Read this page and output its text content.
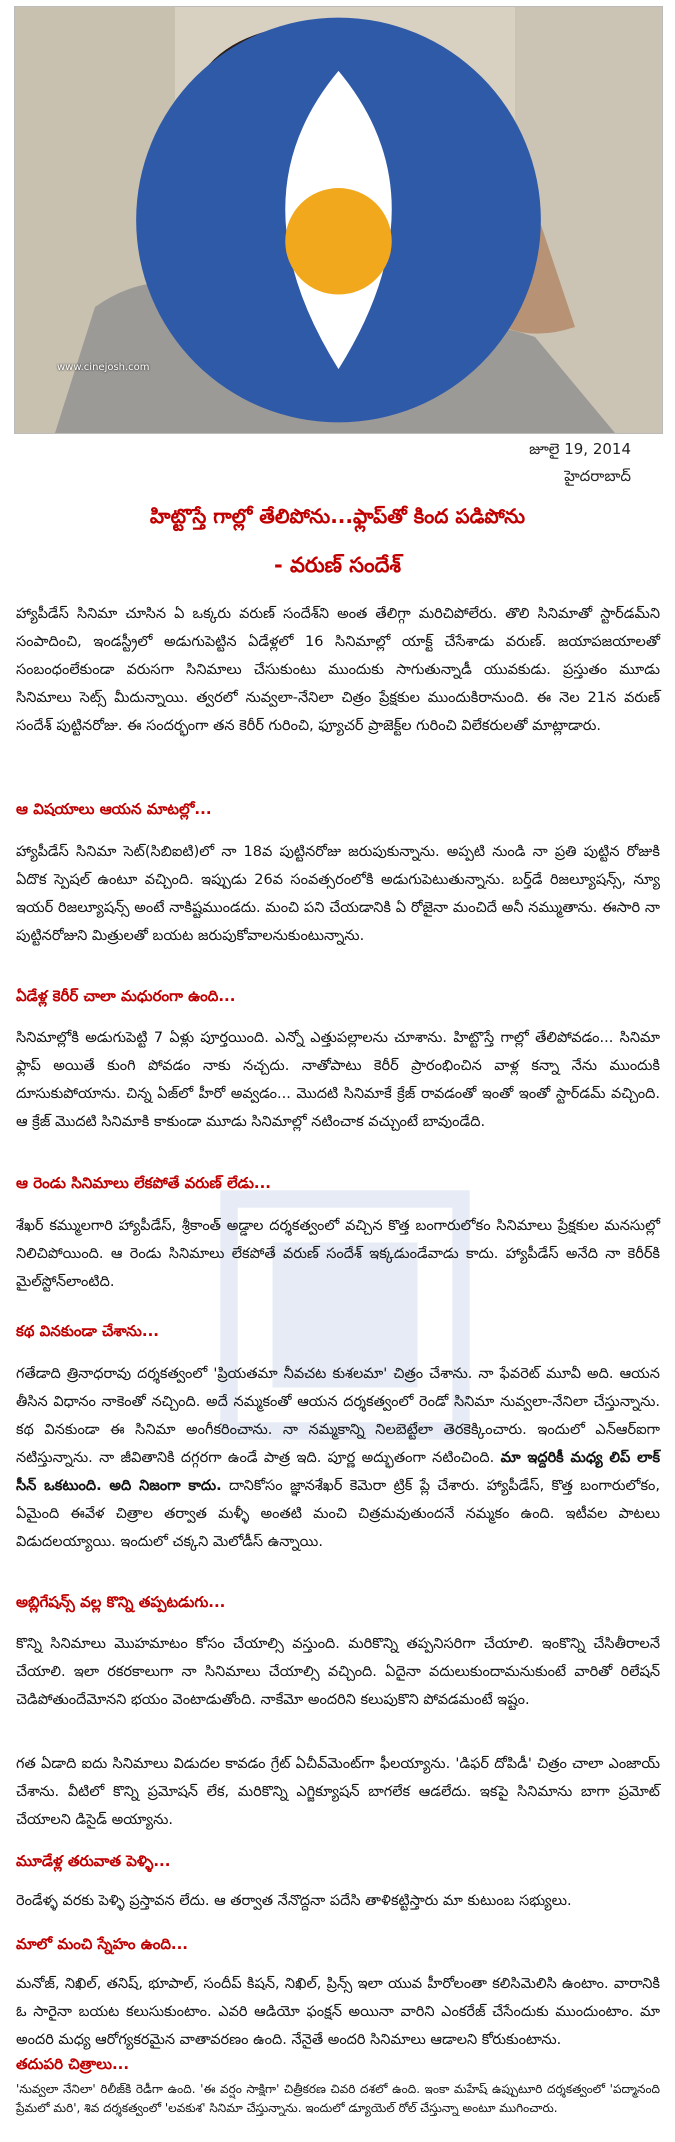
www.cinejosh.com
జూలై 19, 2014
హైదరాబాద్
హిట్టొస్తే గాల్లో తేలిపోను...ఫ్లాప్‌తో కింద పడిపోను
- వరుణ్ సందేశ్

హ్యాపీడేస్ సినిమా చూసిన ఏ ఒక్కరు వరుణ్ సందేశ్‌ని అంత తేలిగ్గా మరిచిపోలేరు. తొలి సినిమాతో స్టార్‌డమ్‌ని సంపాదించి, ఇండస్ట్రీలో అడుగుపెట్టిన ఏడేళ్లలో 16 సినిమాల్లో యాక్ట్ చేసేశాడు వరుణ్. జయాపజయాలతో సంబంధంలేకుండా వరుసగా సినిమాలు చేసుకుంటు ముందుకు సాగుతున్నాడీ యువకుడు. ప్రస్తుతం మూడు సినిమాలు సెట్స్ మీదున్నాయి. త్వరలో నువ్వలా-నేనిలా చిత్రం ప్రేక్షకుల ముందుకిరానుంది. ఈ నెల 21న వరుణ్ సందేశ్ పుట్టినరోజు. ఈ సందర్భంగా తన కెరీర్ గురించి, ఫ్యూచర్ ప్రాజెక్ట్‌ల గురించి విలేకరులతో మాట్లాడారు.

ఆ విషయాలు ఆయన మాటల్లో...

హ్యాపీడేస్ సినిమా సెట్(సిబిఐటి)లో నా 18వ పుట్టినరోజు జరుపుకున్నాను. అప్పటి నుండి నా ప్రతి పుట్టిన రోజుకి ఏదొక స్పెషల్ ఉంటూ వచ్చింది. ఇప్పుడు 26వ సంవత్సరంలోకి అడుగుపెటుతున్నాను. బర్త్‌డే రిజల్యూషన్స్, న్యూ ఇయర్ రిజల్యూషన్స్ అంటే నాకిష్టముండదు. మంచి పని చేయడానికి ఏ రోజైనా మంచిదే అనీ నమ్ముతాను. ఈసారి నా పుట్టినరోజుని మిత్రులతో బయట జరుపుకోవాలనుకుంటున్నాను.

ఏడేళ్ల కెరీర్ చాలా మధురంగా ఉంది...

సినిమాల్లోకి అడుగుపెట్టి 7 ఏళ్లు పూర్తయింది. ఎన్నో ఎత్తుపల్లాలను చూశాను. హిట్టొస్తే గాల్లో తేలిపోవడం... సినిమా ఫ్లాప్ అయితే కుంగి పోవడం నాకు నచ్చదు. నాతోపాటు కెరీర్ ప్రారంభించిన వాళ్ల కన్నా నేను ముందుకి దూసుకుపోయాను. చిన్న ఏజ్‌లో హీరో అవ్వడం... మొదటి సినిమాకే క్రేజ్ రావడంతో ఇంతో ఇంతో స్టార్‌డమ్ వచ్చింది. ఆ క్రేజ్ మొదటి సినిమాకి కాకుండా మూడు సినిమాల్లో నటించాక వచ్చుంటే బావుండేది.

ఆ రెండు సినిమాలు లేకపోతే వరుణ్ లేడు...

శేఖర్ కమ్ములగారి హ్యాపీడేస్, శ్రీకాంత్ అడ్డాల దర్శకత్వంలో వచ్చిన కొత్త బంగారులోకం సినిమాలు ప్రేక్షకుల మనసుల్లో నిలిచిపోయింది. ఆ రెండు సినిమాలు లేకపోతే వరుణ్ సందేశ్ ఇక్కడుండేవాడు కాదు. హ్యాపీడేస్ అనేది నా కెరీర్‌కి మైల్‌స్టోన్‌లాంటిది.

కథ వినకుండా చేశాను...

గతేడాది త్రినాధరావు దర్శకత్వంలో 'ప్రియతమా నీవచట కుశలమా' చిత్రం చేశాను. నా ఫేవరెట్ మూవీ అది. ఆయన తీసిన విధానం నాకెంతో నచ్చింది. అదే నమ్మకంతో ఆయన దర్శకత్వంలో రెండో సినిమా నువ్వలా-నేనిలా చేస్తున్నాను. కథ వినకుండా ఈ సినిమా అంగీకరించాను. నా నమ్మకాన్ని నిలబెట్టేలా తెరకెక్కించారు. ఇందులో ఎన్ఆర్ఐగా నటిస్తున్నాను. నా జీవితానికి దగ్గరగా ఉండే పాత్ర ఇది. పూర్ణ అద్భుతంగా నటించింది. మా ఇద్దరికీ మధ్య లిప్ లాక్ సీన్ ఒకటుంది. అది నిజంగా కాదు. దానికోసం జ్ఞానశేఖర్ కెమెరా ట్రిక్ ప్లే చేశారు. హ్యాపీడేస్, కొత్త బంగారులోకం, ఏమైంది ఈవేళ చిత్రాల తర్వాత మళ్ళీ అంతటి మంచి చిత్రమవుతుందనే నమ్మకం ఉంది. ఇటీవల పాటలు విడుదలయ్యాయి. ఇందులో చక్కని మెలోడీస్ ఉన్నాయి.

అబ్లిగేషన్స్ వల్ల కొన్ని తప్పటడుగు...

కొన్ని సినిమాలు మొహమాటం కోసం చేయాల్సి వస్తుంది. మరికొన్ని తప్పనిసరిగా చేయాలి. ఇంకొన్ని చేసితీరాలనే చేయాలి. ఇలా రకరకాలుగా నా సినిమాలు చేయాల్సి వచ్చింది. ఏదైనా వదులుకుందామనుకుంటే వారితో రిలేషన్ చెడిపోతుందేమోనని భయం వెంటాడుతోంది. నాకేమో అందరిని కలుపుకొని పోవడమంటే ఇష్టం.

గత ఏడాది ఐదు సినిమాలు విడుదల కావడం గ్రేట్ ఏచీవ్‌మెంట్‌గా ఫీలయ్యాను. 'డిఫర్ దోపిడీ' చిత్రం చాలా ఎంజాయ్ చేశాను. వీటిలో కొన్ని ప్రమోషన్ లేక, మరికొన్ని ఎగ్జిక్యూషన్ బాగలేక ఆడలేదు. ఇకపై సినిమాను బాగా ప్రమోట్ చేయాలని డిసైడ్ అయ్యాను.

మూడేళ్ల తరువాత పెళ్ళి...

రెండేళ్ళ వరకు పెళ్ళి ప్రస్తావన లేదు. ఆ తర్వాత నేనొద్దనా పదేసి తాళికట్టిస్తారు మా కుటుంబ సభ్యులు.

మాలో మంచి స్నేహం ఉంది...

మనోజ్, నిఖిల్, తనిష్, భూపాల్, సందీప్ కిషన్, నిఖిల్, ప్రిన్స్ ఇలా యువ హీరోలంతా కలిసిమెలిసి ఉంటాం. వారానికి ఓ సారైనా బయట కలుసుకుంటాం. ఎవరి ఆడియో ఫంక్షన్ అయినా వారిని ఎంకరేజ్ చేసేందుకు ముందుంటాం. మా అందరి మధ్య ఆరోగ్యకరమైన వాతావరణం ఉంది. నేనైతే అందరి సినిమాలు ఆడాలని కోరుకుంటాను.

తదుపరి చిత్రాలు...

'నువ్వలా నేనిలా' రిలీజ్‌కి రెడీగా ఉంది. 'ఈ వర్షం సాక్షిగా' చిత్రీకరణ చివరి దశలో ఉంది. ఇంకా మహేష్ ఉప్పుటూరి దర్శకత్వంలో 'పద్మానంది ప్రేమలో మరి', శివ దర్శకత్వంలో 'లవకుశ' సినిమా చేస్తున్నాను. ఇందులో డ్యూయెల్ రోల్ చేస్తున్నా అంటూ ముగించారు.
